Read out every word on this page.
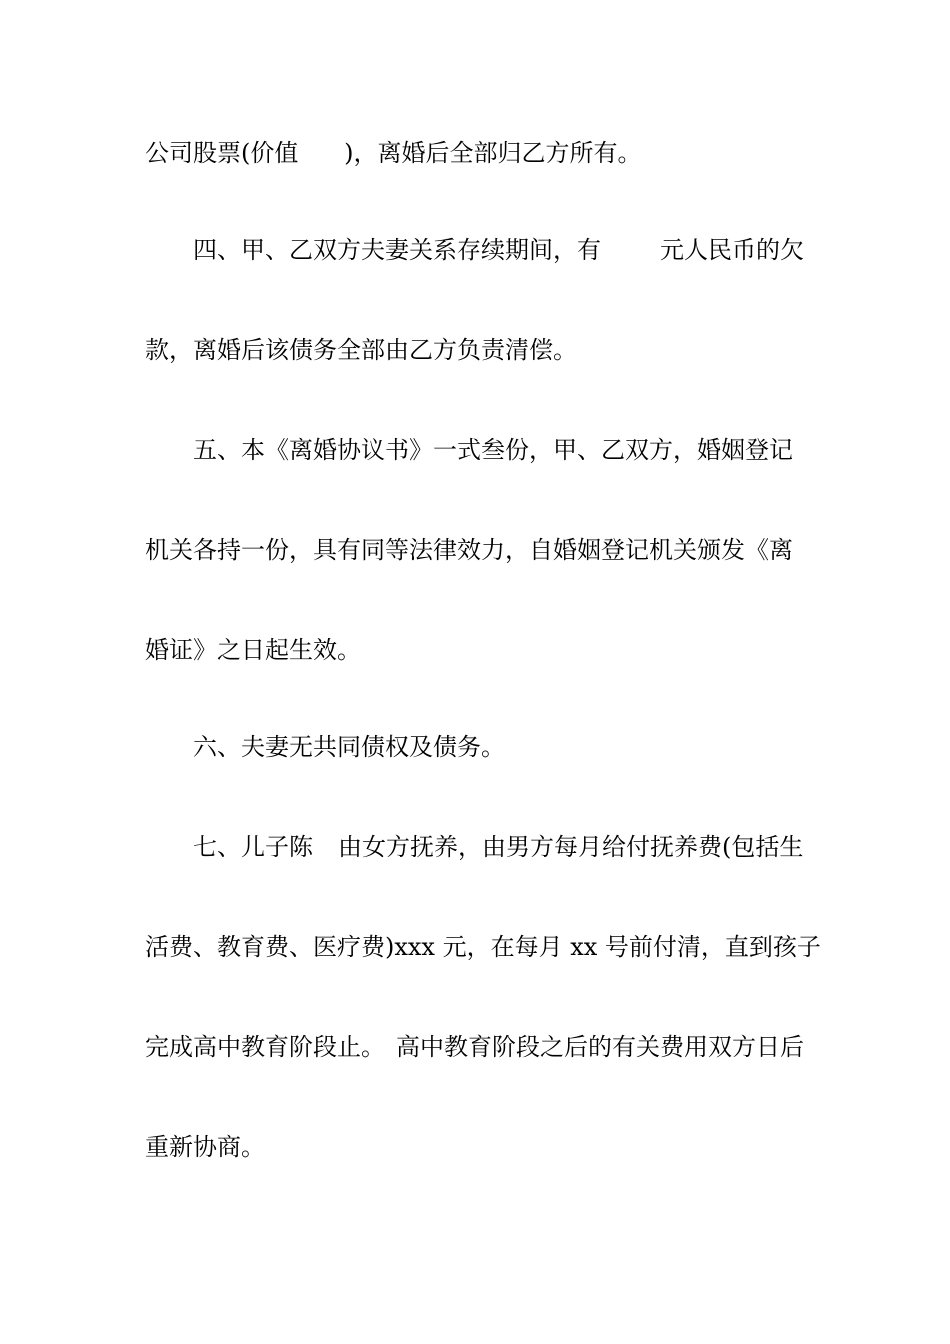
公司股票(价值      )，离婚后全部归乙方所有。

四、甲、乙双方夫妻关系存续期间，有

元人民币的欠

款，离婚后该债务全部由乙方负责清偿。

五、本《离婚协议书》一式叁份，甲、乙双方，婚姻登记

机关各持一份，具有同等法律效力，自婚姻登记机关颁发《离

婚证》之日起生效。

六、夫妻无共同债权及债务。

七、儿子陈

由女方抚养，由男方每月给付抚养费(包括生

活费、教育费、医疗费)xxx 元，在每月 xx 号前付清，直到孩子

完成高中教育阶段止。

高中教育阶段之后的有关费用双方日后

重新协商。
